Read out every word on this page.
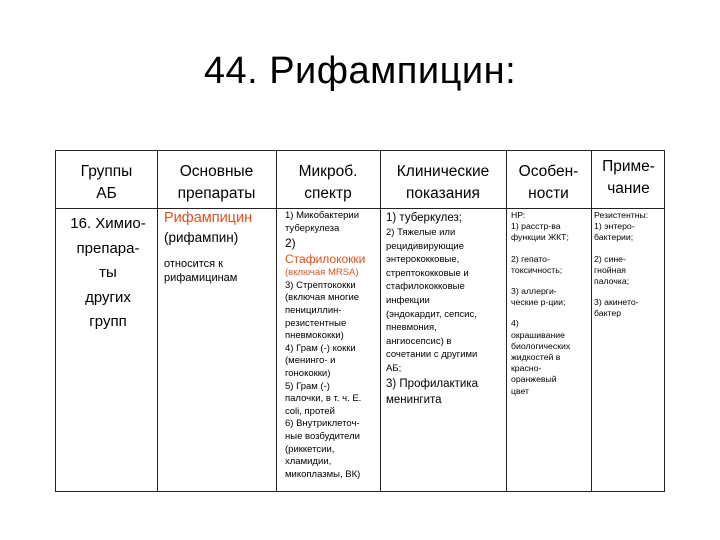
44. Рифампицин:
Группы
АБ
Основные
препараты
Микроб.
спектр
Клинические
показания
Особен-
ности
Приме-
чание
16. Химио-
препара-
ты
других
групп
Рифампицин
(рифампин)
относится к
рифамицинам
1) Микобактерии
туберкулеза
2)
Стафилококки
(включая MRSA)
3) Стрептококки
(включая многие
пенициллин-
резистентные
пневмококки)
4) Грам (-) кокки
(менинго- и
гонококки)
5) Грам (-)
палочки, в т. ч. Е.
coli, протей
6) Внутриклеточ-
ные возбудители
(риккетсии,
хламидии,
микоплазмы, ВК)
1) туберкулез;
2) Тяжелые или
рецидивирующие
энтерококковые,
стрептококковые и
стафилококковые
инфекции
(эндокардит, сепсис,
пневмония,
ангиосепсис) в
сочетании с другими
АБ;
3) Профилактика
менингита
НР:
1) расстр-ва
функции ЖКТ;
2) гепато-
токсичность;
3) аллерги-
ческие р-ции;
4)
окрашивание
биологических
жидкостей в
красно-
оранжевый
цвет
Резистентны:
1) энтеро-
бактерии;
2) сине-
гнойная
палочка;
3) акинето-
бактер
